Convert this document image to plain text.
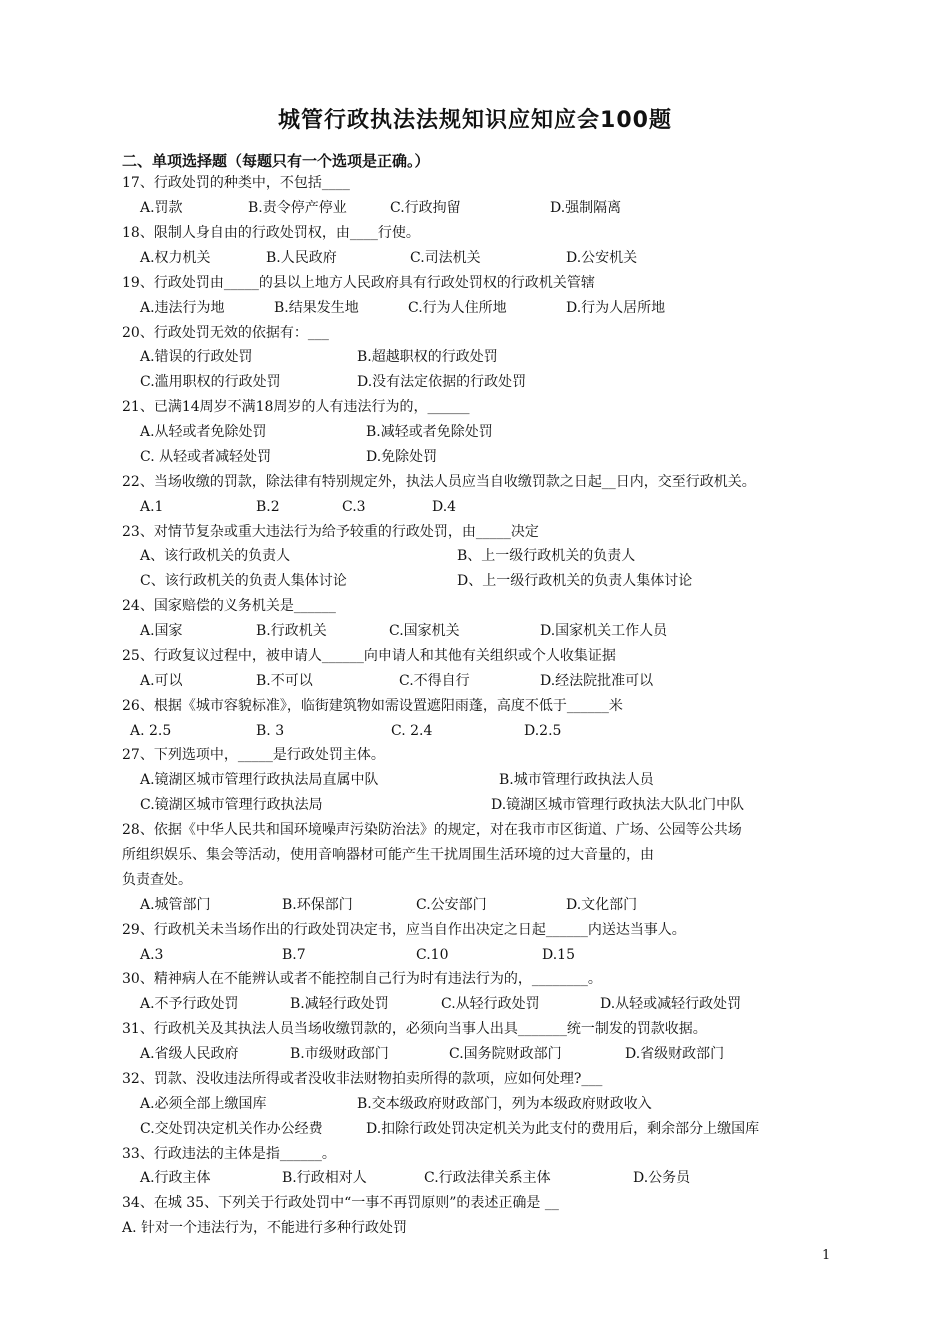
城管行政执法法规知识应知应会100题
二、单项选择题（每题只有一个选项是正确。）
17、行政处罚的种类中，不包括____
A.罚款	B.责令停产停业	C.行政拘留	D.强制隔离
18、限制人身自由的行政处罚权，由____行使。
A.权力机关	B.人民政府	C.司法机关	D.公安机关
19、行政处罚由_____的县以上地方人民政府具有行政处罚权的行政机关管辖
A.违法行为地	B.结果发生地	C.行为人住所地	D.行为人居所地
20、行政处罚无效的依据有：___
A.错误的行政处罚	B.超越职权的行政处罚
C.滥用职权的行政处罚	D.没有法定依据的行政处罚
21、已满14周岁不满18周岁的人有违法行为的，______
A.从轻或者免除处罚	B.减轻或者免除处罚
C. 从轻或者减轻处罚	D.免除处罚
22、当场收缴的罚款，除法律有特别规定外，执法人员应当自收缴罚款之日起__日内，交至行政机关。
A.1	B.2	C.3	D.4
23、对情节复杂或重大违法行为给予较重的行政处罚，由_____决定
A、该行政机关的负责人	B、上一级行政机关的负责人
C、该行政机关的负责人集体讨论	D、上一级行政机关的负责人集体讨论
24、国家赔偿的义务机关是______
A.国家	B.行政机关	C.国家机关	D.国家机关工作人员
25、行政复议过程中，被申请人______向申请人和其他有关组织或个人收集证据
A.可以	B.不可以	C.不得自行	D.经法院批准可以
26、根据《城市容貌标准》，临街建筑物如需设置遮阳雨蓬，高度不低于______米
A. 2.5	B. 3	C. 2.4	D.2.5
27、下列选项中，_____是行政处罚主体。
A.镜湖区城市管理行政执法局直属中队	B.城市管理行政执法人员
C.镜湖区城市管理行政执法局	D.镜湖区城市管理行政执法大队北门中队
28、依据《中华人民共和国环境噪声污染防治法》的规定，对在我市市区街道、广场、公园等公共场
所组织娱乐、集会等活动，使用音响器材可能产生干扰周围生活环境的过大音量的，由
负责查处。
A.城管部门	B.环保部门	C.公安部门	D.文化部门
29、行政机关未当场作出的行政处罚决定书，应当自作出决定之日起______内送达当事人。
A.3	B.7	C.10	D.15
30、精神病人在不能辨认或者不能控制自己行为时有违法行为的，________。
A.不予行政处罚	B.减轻行政处罚	C.从轻行政处罚	D.从轻或减轻行政处罚
31、行政机关及其执法人员当场收缴罚款的，必须向当事人出具_______统一制发的罚款收据。
A.省级人民政府	B.市级财政部门	C.国务院财政部门	D.省级财政部门
32、罚款、没收违法所得或者没收非法财物拍卖所得的款项，应如何处理?___
A.必须全部上缴国库	B.交本级政府财政部门，列为本级政府财政收入
C.交处罚决定机关作办公经费	D.扣除行政处罚决定机关为此支付的费用后，剩余部分上缴国库
33、行政违法的主体是指______。
A.行政主体	B.行政相对人	C.行政法律关系主体	D.公务员
34、在城 35、下列关于行政处罚中“一事不再罚原则”的表述正确是 __
A. 针对一个违法行为，不能进行多种行政处罚
1
